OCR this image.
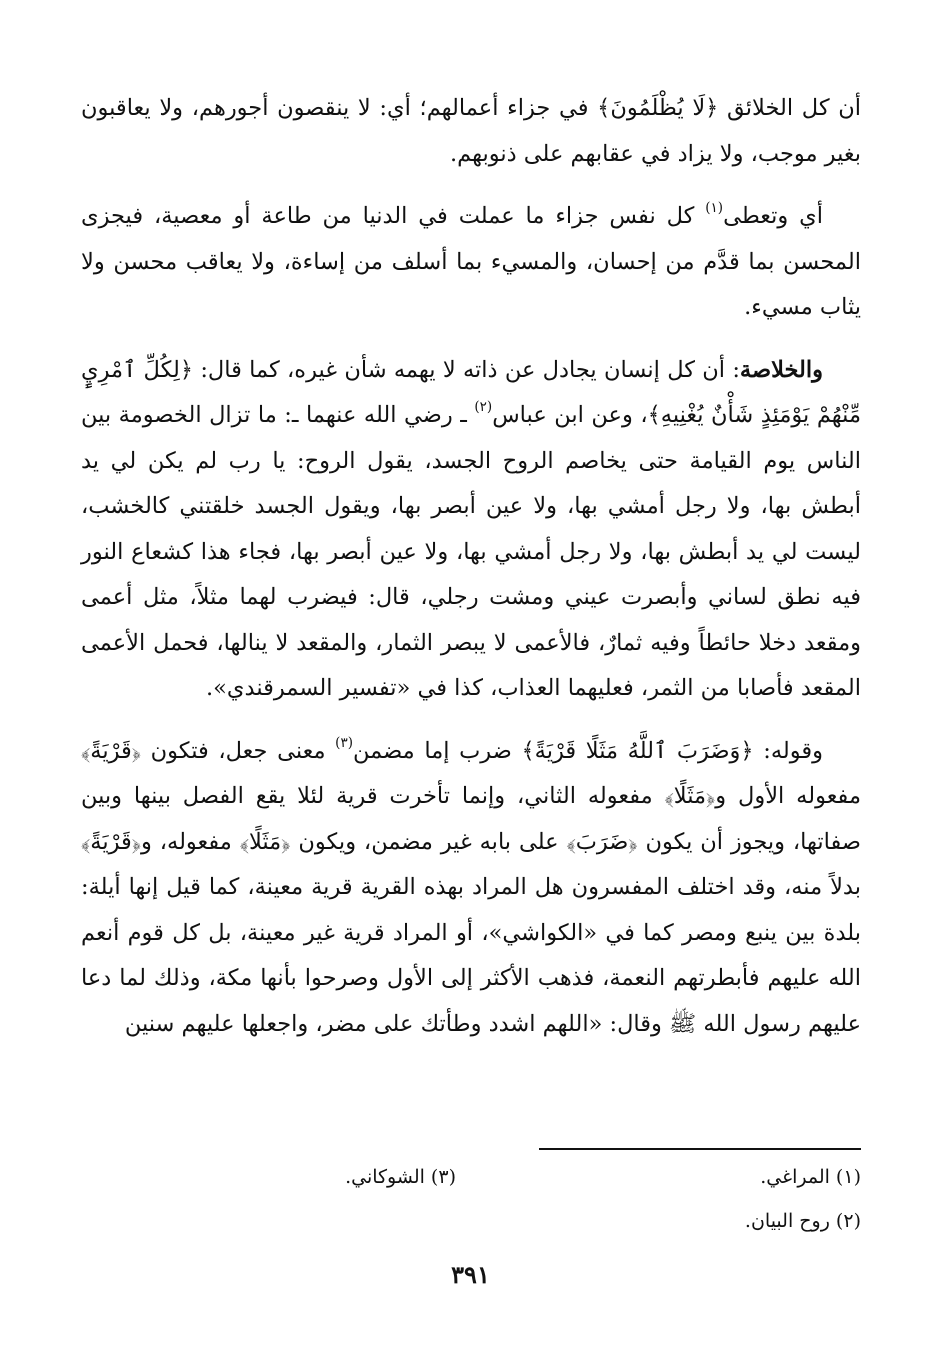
أن كل الخلائق ﴿لَا يُظْلَمُونَ﴾ في جزاء أعمالهم؛ أي: لا ينقصون أجورهم، ولا يعاقبون بغير موجب، ولا يزاد في عقابهم على ذنوبهم.

أي وتعطى$^{(١)}$ كل نفس جزاء ما عملت في الدنيا من طاعة أو معصية، فيجزى المحسن بما قدَّم من إحسان، والمسيء بما أسلف من إساءة، ولا يعاقب محسن ولا يثاب مسيء.

والخلاصة: أن كل إنسان يجادل عن ذاته لا يهمه شأن غيره، كما قال: ﴿لِكُلِّ ٱمْرِيٍٕ مِّنْهُمْ يَوْمَئِذٍ شَأْنٌ يُغْنِيهِ﴾، وعن ابن عباس$^{(٢)}$ ـ رضي الله عنهما ـ: ما تزال الخصومة بين الناس يوم القيامة حتى يخاصم الروح الجسد، يقول الروح: يا رب لم يكن لي يد أبطش بها، ولا رجل أمشي بها، ولا عين أبصر بها، ويقول الجسد خلقتني كالخشب، ليست لي يد أبطش بها، ولا رجل أمشي بها، ولا عين أبصر بها، فجاء هذا كشعاع النور فيه نطق لساني وأبصرت عيني ومشت رجلي، قال: فيضرب لهما مثلاً، مثل أعمى ومقعد دخلا حائطاً وفيه ثمارٌ، فالأعمى لا يبصر الثمار، والمقعد لا ينالها، فحمل الأعمى المقعد فأصابا من الثمر، فعليهما العذاب، كذا في «تفسير السمرقندي».

وقوله: ﴿وَضَرَبَ ٱللَّهُ مَثَلًا قَرْيَةً﴾ ضرب إما مضمن$^{(٣)}$ معنى جعل، فتكون ﴿قَرْيَةً﴾ مفعوله الأول و﴿مَثَلًا﴾ مفعوله الثاني، وإنما تأخرت قرية لئلا يقع الفصل بينها وبين صفاتها، ويجوز أن يكون ﴿ضَرَبَ﴾ على بابه غير مضمن، ويكون ﴿مَثَلًا﴾ مفعوله، و﴿قَرْيَةً﴾ بدلاً منه، وقد اختلف المفسرون هل المراد بهذه القرية قرية معينة، كما قيل إنها أيلة: بلدة بين ينبع ومصر كما في «الكواشي»، أو المراد قرية غير معينة، بل كل قوم أنعم الله عليهم فأبطرتهم النعمة، فذهب الأكثر إلى الأول وصرحوا بأنها مكة، وذلك لما دعا عليهم رسول الله ﷺ وقال: «اللهم اشدد وطأتك على مضر، واجعلها عليهم سنين

(١) المراغي.
(٢) روح البيان.
(٣) الشوكاني.
٣٩١
